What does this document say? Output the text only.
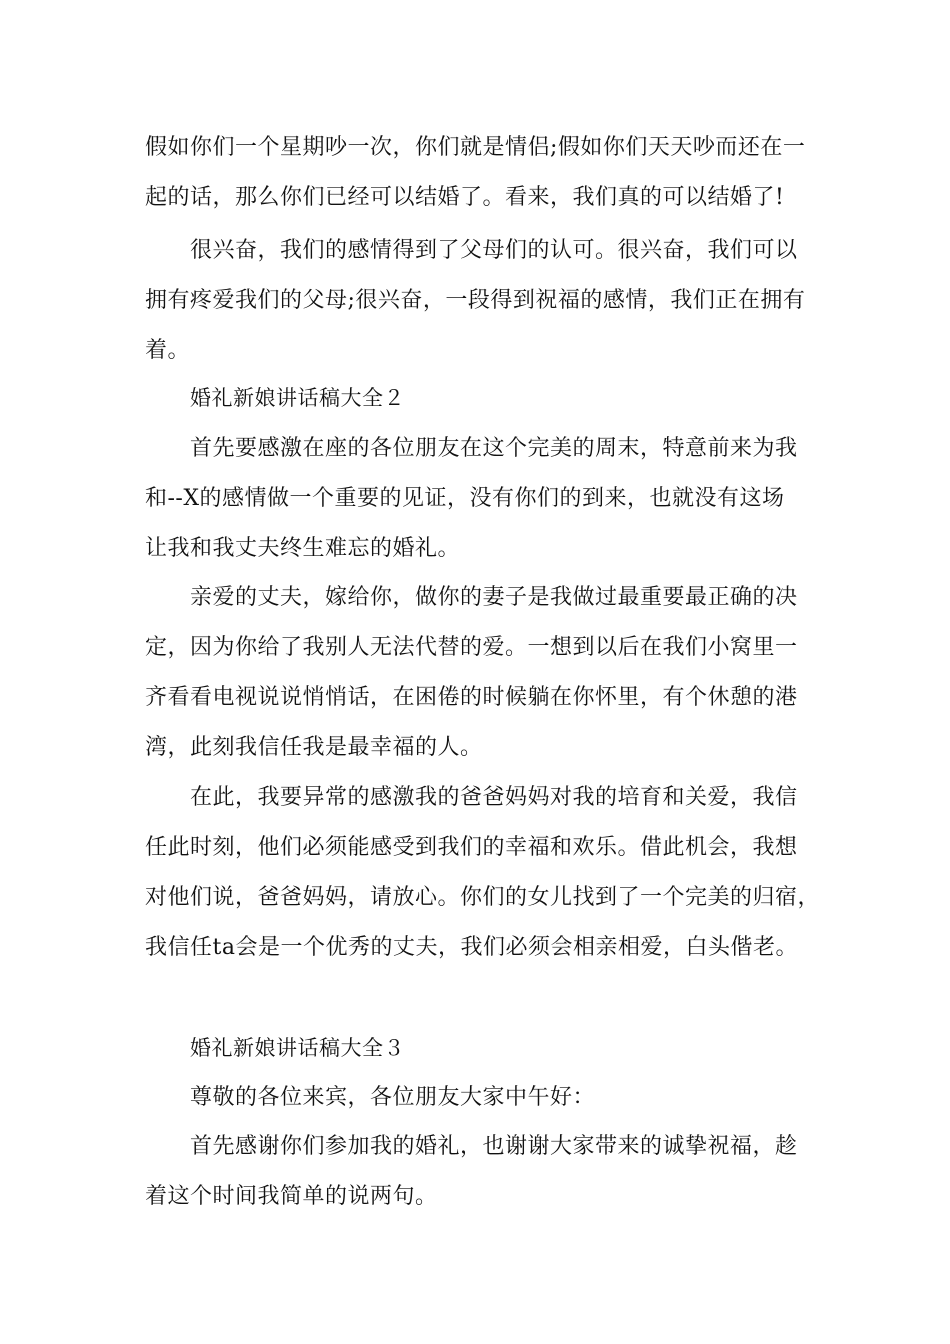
假如你们一个星期吵一次，你们就是情侣;假如你们天天吵而还在一
起的话，那么你们已经可以结婚了。看来，我们真的可以结婚了!
很兴奋，我们的感情得到了父母们的认可。很兴奋，我们可以
拥有疼爱我们的父母;很兴奋，一段得到祝福的感情，我们正在拥有
着。
婚礼新娘讲话稿大全２
首先要感激在座的各位朋友在这个完美的周末，特意前来为我
和--X的感情做一个重要的见证，没有你们的到来，也就没有这场
让我和我丈夫终生难忘的婚礼。
亲爱的丈夫，嫁给你，做你的妻子是我做过最重要最正确的决
定，因为你给了我别人无法代替的爱。一想到以后在我们小窝里一
齐看看电视说说悄悄话，在困倦的时候躺在你怀里，有个休憩的港
湾，此刻我信任我是最幸福的人。
在此，我要异常的感激我的爸爸妈妈对我的培育和关爱，我信
任此时刻，他们必须能感受到我们的幸福和欢乐。借此机会，我想
对他们说，爸爸妈妈，请放心。你们的女儿找到了一个完美的归宿，
我信任ta会是一个优秀的丈夫，我们必须会相亲相爱，白头偕老。
婚礼新娘讲话稿大全３
尊敬的各位来宾，各位朋友大家中午好：
首先感谢你们参加我的婚礼，也谢谢大家带来的诚挚祝福，趁
着这个时间我简单的说两句。
